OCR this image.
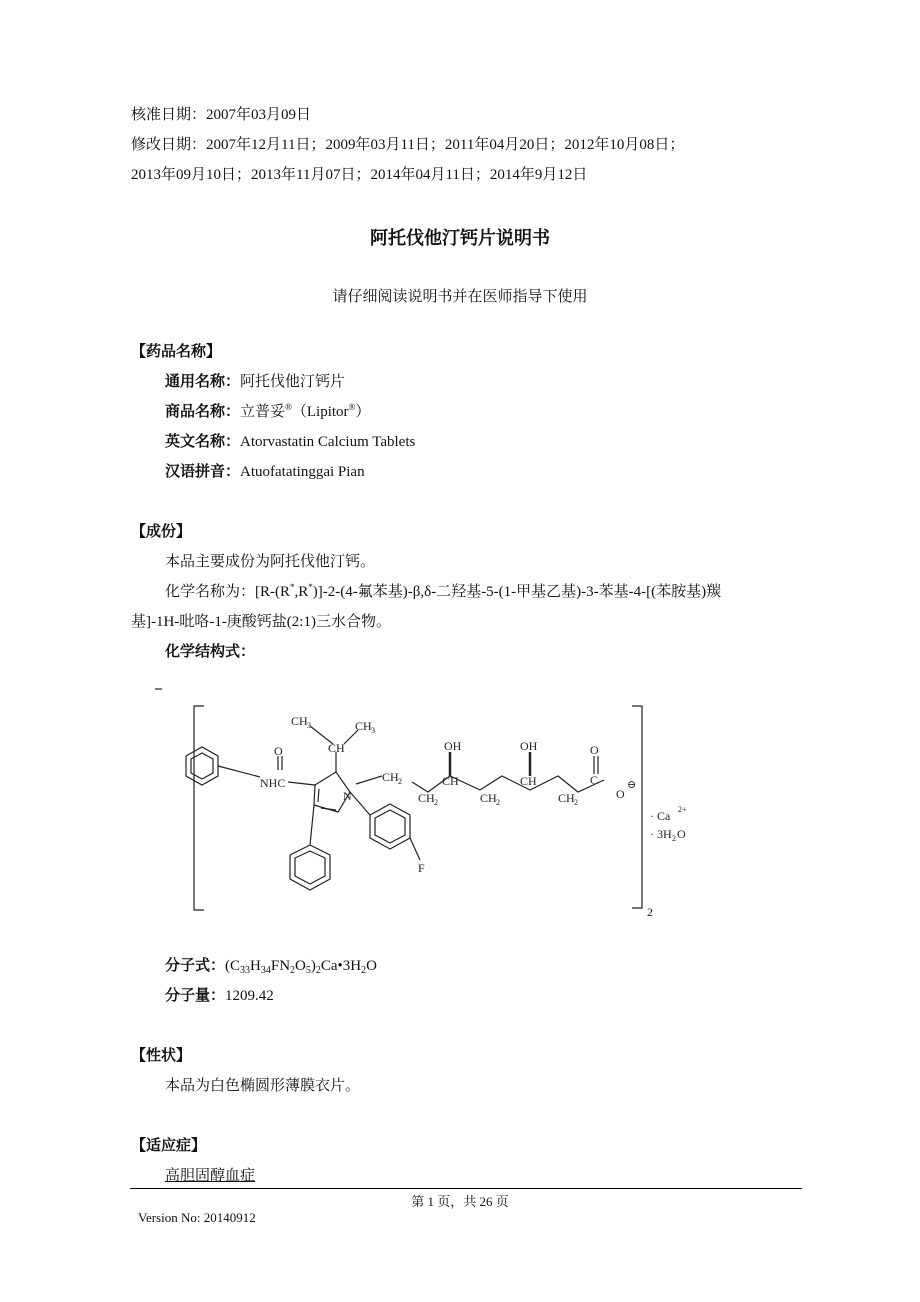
核准日期：2007年03月09日
修改日期：2007年12月11日；2009年03月11日；2011年04月20日；2012年10月08日；
2013年09月10日；2013年11月07日；2014年04月11日；2014年9月12日
阿托伐他汀钙片说明书
请仔细阅读说明书并在医师指导下使用
【药品名称】
通用名称：阿托伐他汀钙片
商品名称：立普妥®（Lipitor®）
英文名称：Atorvastatin Calcium Tablets
汉语拼音：Atuofatatinggai Pian
【成份】
本品主要成份为阿托伐他汀钙。
化学名称为：[R-(R*,R*)]-2-(4-氟苯基)-β,δ-二羟基-5-(1-甲基乙基)-3-苯基-4-[(苯胺基)羰
基]-1H-吡咯-1-庚酸钙盐(2:1)三水合物。
化学结构式：
O
NHC
CH 3	CH 3
CH
N
CH 2
CH 2
OH
CH
CH 2
OH
CH
CH 2
O
C
O
⊖
F
· Ca 2+
· 3H 2 O
2
分子式：$(C_{33}H_{34}FN_2O_5)_2Ca•3H_2O$
分子量：1209.42
【性状】
本品为白色椭圆形薄膜衣片。
【适应症】
高胆固醇血症
第 1 页，共 26 页
Version No: 20140912
